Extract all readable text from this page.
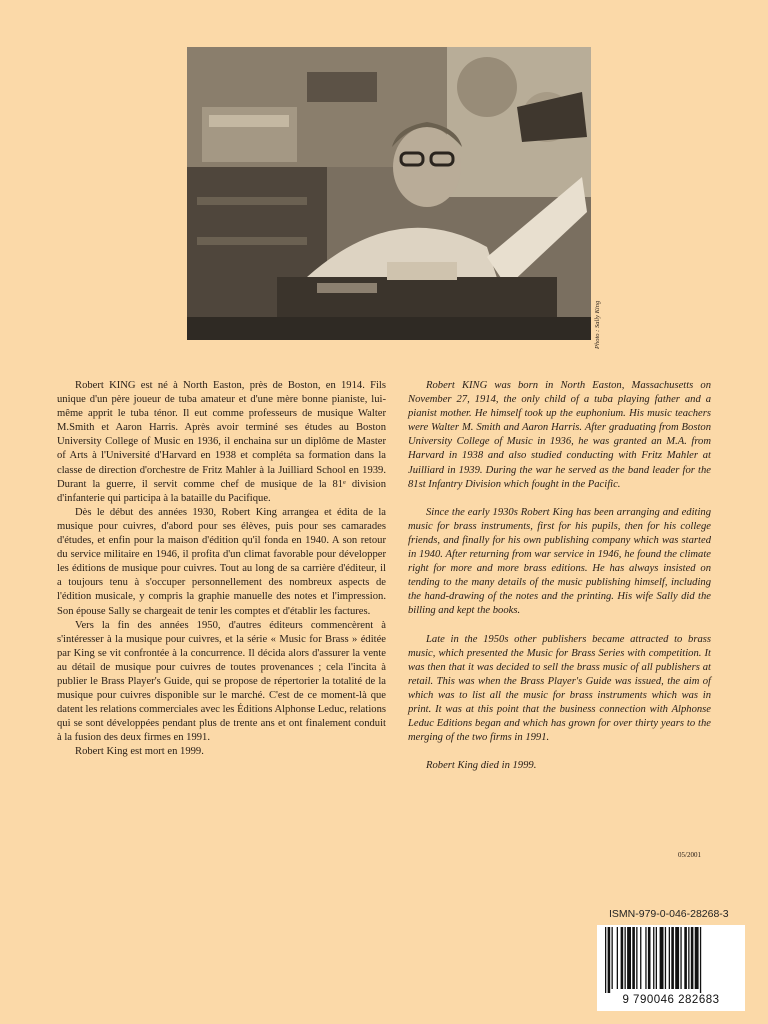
Photo : Sally King

Robert KING est né à North Easton, près de Boston, en 1914. Fils unique d'un père joueur de tuba amateur et d'une mère bonne pianiste, lui-même apprit le tuba ténor. Il eut comme professeurs de musique Walter M.Smith et Aaron Harris. Après avoir terminé ses études au Boston University College of Music en 1936, il enchaina sur un diplôme de Master of Arts à l'Université d'Harvard en 1938 et compléta sa formation dans la classe de direction d'orchestre de Fritz Mahler à la Juilliard School en 1939. Durant la guerre, il servit comme chef de musique de la 81ᵉ division d'infanterie qui participa à la bataille du Pacifique.

Dès le début des années 1930, Robert King arrangea et édita de la musique pour cuivres, d'abord pour ses élèves, puis pour ses camarades d'études, et enfin pour la maison d'édition qu'il fonda en 1940. A son retour du service militaire en 1946, il profita d'un climat favorable pour développer les éditions de musique pour cuivres. Tout au long de sa carrière d'éditeur, il a toujours tenu à s'occuper personnellement des nombreux aspects de l'édition musicale, y compris la graphie manuelle des notes et l'impression. Son épouse Sally se chargeait de tenir les comptes et d'établir les factures.

Vers la fin des années 1950, d'autres éditeurs commencèrent à s'intéresser à la musique pour cuivres, et la série « Music for Brass » éditée par King se vit confrontée à la concurrence. Il décida alors d'assurer la vente au détail de musique pour cuivres de toutes provenances ; cela l'incita à publier le Brass Player's Guide, qui se propose de répertorier la totalité de la musique pour cuivres disponible sur le marché. C'est de ce moment-là que datent les relations commerciales avec les Éditions Alphonse Leduc, relations qui se sont développées pendant plus de trente ans et ont finalement conduit à la fusion des deux firmes en 1991.

Robert King est mort en 1999.

Robert KING was born in North Easton, Massachusetts on November 27, 1914, the only child of a tuba playing father and a pianist mother. He himself took up the euphonium. His music teachers were Walter M. Smith and Aaron Harris. After graduating from Boston University College of Music in 1936, he was granted an M.A. from Harvard in 1938 and also studied conducting with Fritz Mahler at Juilliard in 1939. During the war he served as the band leader for the 81st Infantry Division which fought in the Pacific.

Since the early 1930s Robert King has been arranging and editing music for brass instruments, first for his pupils, then for his college friends, and finally for his own publishing company which was started in 1940. After returning from war service in 1946, he found the climate right for more and more brass editions. He has always insisted on tending to the many details of the music publishing himself, including the hand-drawing of the notes and the printing. His wife Sally did the billing and kept the books.

Late in the 1950s other publishers became attracted to brass music, which presented the Music for Brass Series with competition. It was then that it was decided to sell the brass music of all publishers at retail. This was when the Brass Player's Guide was issued, the aim of which was to list all the music for brass instruments which was in print. It was at this point that the business connection with Alphonse Leduc Editions began and which has grown for over thirty years to the merging of the two firms in 1991.

Robert King died in 1999.

05/2001
ISMN-979-0-046-28268-3
9 790046 282683
